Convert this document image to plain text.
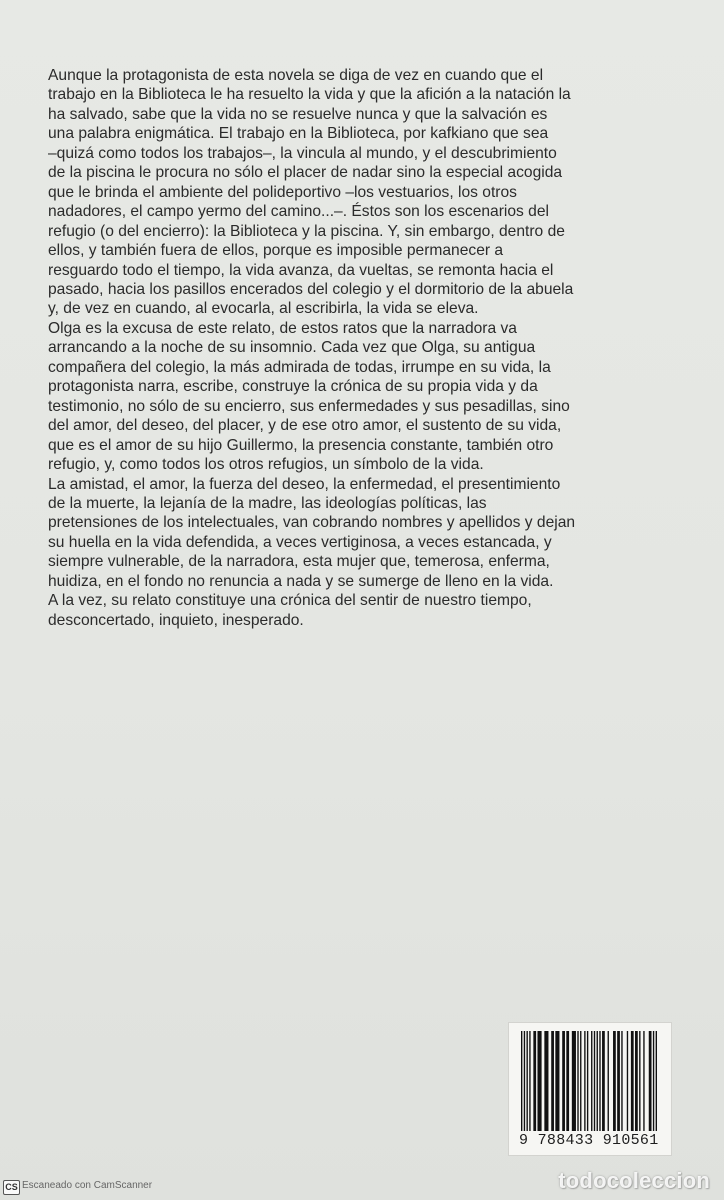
Aunque la protagonista de esta novela se diga de vez en cuando que el
trabajo en la Biblioteca le ha resuelto la vida y que la afición a la natación la
ha salvado, sabe que la vida no se resuelve nunca y que la salvación es
una palabra enigmática. El trabajo en la Biblioteca, por kafkiano que sea
–quizá como todos los trabajos–, la vincula al mundo, y el descubrimiento
de la piscina le procura no sólo el placer de nadar sino la especial acogida
que le brinda el ambiente del polideportivo –los vestuarios, los otros
nadadores, el campo yermo del camino...–. Éstos son los escenarios del
refugio (o del encierro): la Biblioteca y la piscina. Y, sin embargo, dentro de
ellos, y también fuera de ellos, porque es imposible permanecer a
resguardo todo el tiempo, la vida avanza, da vueltas, se remonta hacia el
pasado, hacia los pasillos encerados del colegio y el dormitorio de la abuela
y, de vez en cuando, al evocarla, al escribirla, la vida se eleva.
Olga es la excusa de este relato, de estos ratos que la narradora va
arrancando a la noche de su insomnio. Cada vez que Olga, su antigua
compañera del colegio, la más admirada de todas, irrumpe en su vida, la
protagonista narra, escribe, construye la crónica de su propia vida y da
testimonio, no sólo de su encierro, sus enfermedades y sus pesadillas, sino
del amor, del deseo, del placer, y de ese otro amor, el sustento de su vida,
que es el amor de su hijo Guillermo, la presencia constante, también otro
refugio, y, como todos los otros refugios, un símbolo de la vida.
La amistad, el amor, la fuerza del deseo, la enfermedad, el presentimiento
de la muerte, la lejanía de la madre, las ideologías políticas, las
pretensiones de los intelectuales, van cobrando nombres y apellidos y dejan
su huella en la vida defendida, a veces vertiginosa, a veces estancada, y
siempre vulnerable, de la narradora, esta mujer que, temerosa, enferma,
huidiza, en el fondo no renuncia a nada y se sumerge de lleno en la vida.
A la vez, su relato constituye una crónica del sentir de nuestro tiempo,
desconcertado, inquieto, inesperado.
9 788433 910561
CS Escaneado con CamScanner	todocoleccion
